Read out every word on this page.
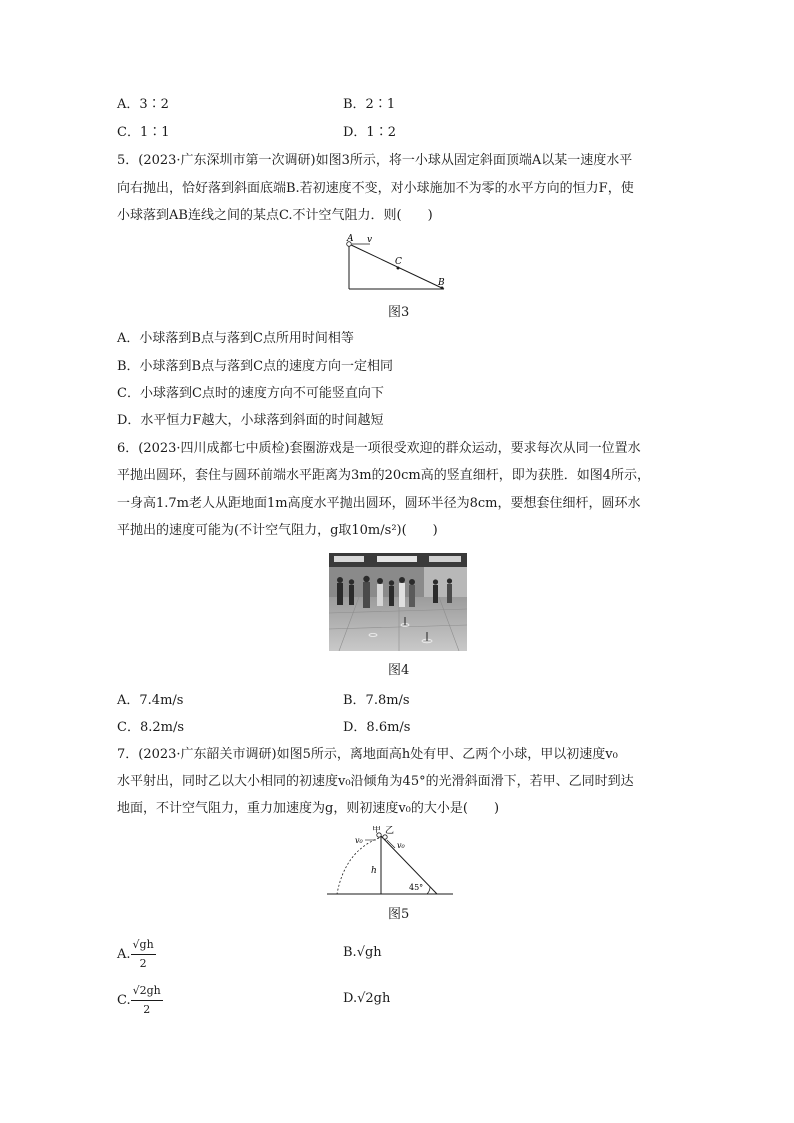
A．3∶2	B．2∶1
C．1∶1	D．1∶2
5．(2023·广东深圳市第一次调研)如图3所示，将一小球从固定斜面顶端A以某一速度水平
向右抛出，恰好落到斜面底端B.若初速度不变，对小球施加不为零的水平方向的恒力F，使
小球落到AB连线之间的某点C.不计空气阻力．则(　　)
A v
C
B
图3
A．小球落到B点与落到C点所用时间相等
B．小球落到B点与落到C点的速度方向一定相同
C．小球落到C点时的速度方向不可能竖直向下
D．水平恒力F越大，小球落到斜面的时间越短
6．(2023·四川成都七中质检)套圈游戏是一项很受欢迎的群众运动，要求每次从同一位置水
平抛出圆环，套住与圆环前端水平距离为3m的20cm高的竖直细杆，即为获胜．如图4所示，
一身高1.7m老人从距地面1m高度水平抛出圆环，圆环半径为8cm，要想套住细杆，圆环水
平抛出的速度可能为(不计空气阻力，g取10m/s²)(　　)
图4
A．7.4m/s	B．7.8m/s
C．8.2m/s	D．8.6m/s
7．(2023·广东韶关市调研)如图5所示，离地面高h处有甲、乙两个小球，甲以初速度v₀
水平射出，同时乙以大小相同的初速度v₀沿倾角为45°的光滑斜面滑下，若甲、乙同时到达
地面，不计空气阻力，重力加速度为g，则初速度v₀的大小是(　　)
甲 乙
v₀
v₀
h
45°
图5
A. $\frac{√gh}{2}$	B.√gh
C. $\frac{√2gh}{2}$	D.√2gh
